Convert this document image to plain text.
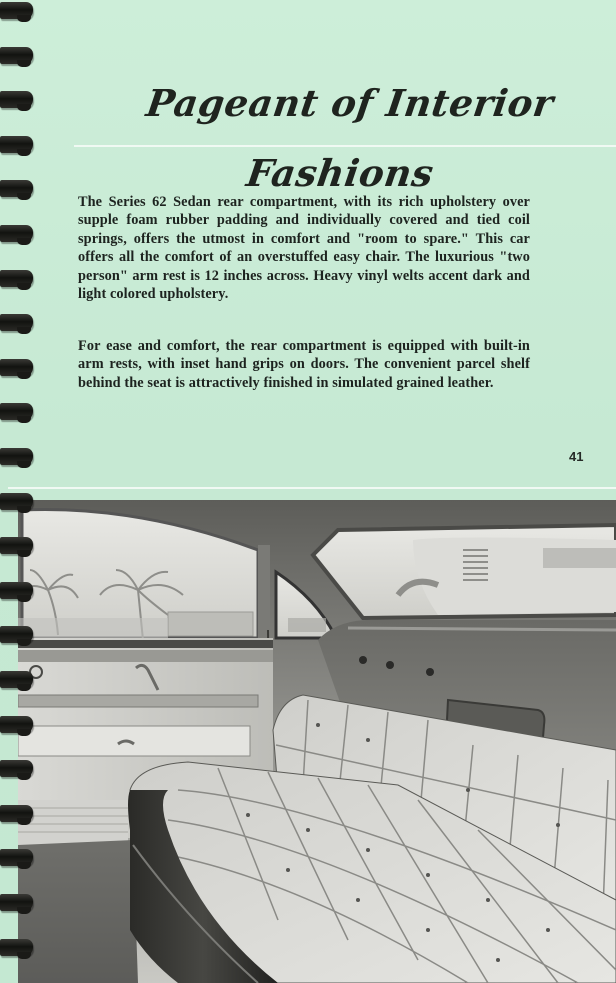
Pageant of Interior Fashions

The Series 62 Sedan rear compartment, with its rich upholstery over supple foam rubber padding and individually covered and tied coil springs, offers the utmost in comfort and "room to spare." This car offers all the comfort of an overstuffed easy chair. The luxurious "two person" arm rest is 12 inches across. Heavy vinyl welts accent dark and light colored upholstery.

For ease and comfort, the rear compartment is equipped with built-in arm rests, with inset hand grips on doors. The convenient parcel shelf behind the seat is attractively finished in simulated grained leather.

41
